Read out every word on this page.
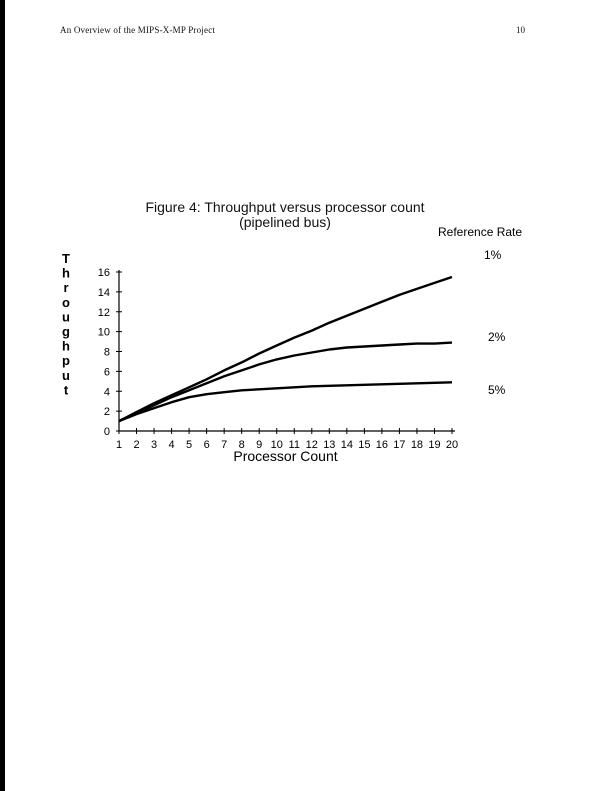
An Overview of the MIPS-X-MP Project	10
Figure 4: Throughput versus processor count
(pipelined bus)
0
2
4
6
8
10
12
14
16
1 2 3 4 5 6 7 8 9 10 11 12 13 14 15 16 17 18 19 20
Processor Count
T
h
r
o
u
g
h
p
u
t
Reference Rate
1%
2%
5%
